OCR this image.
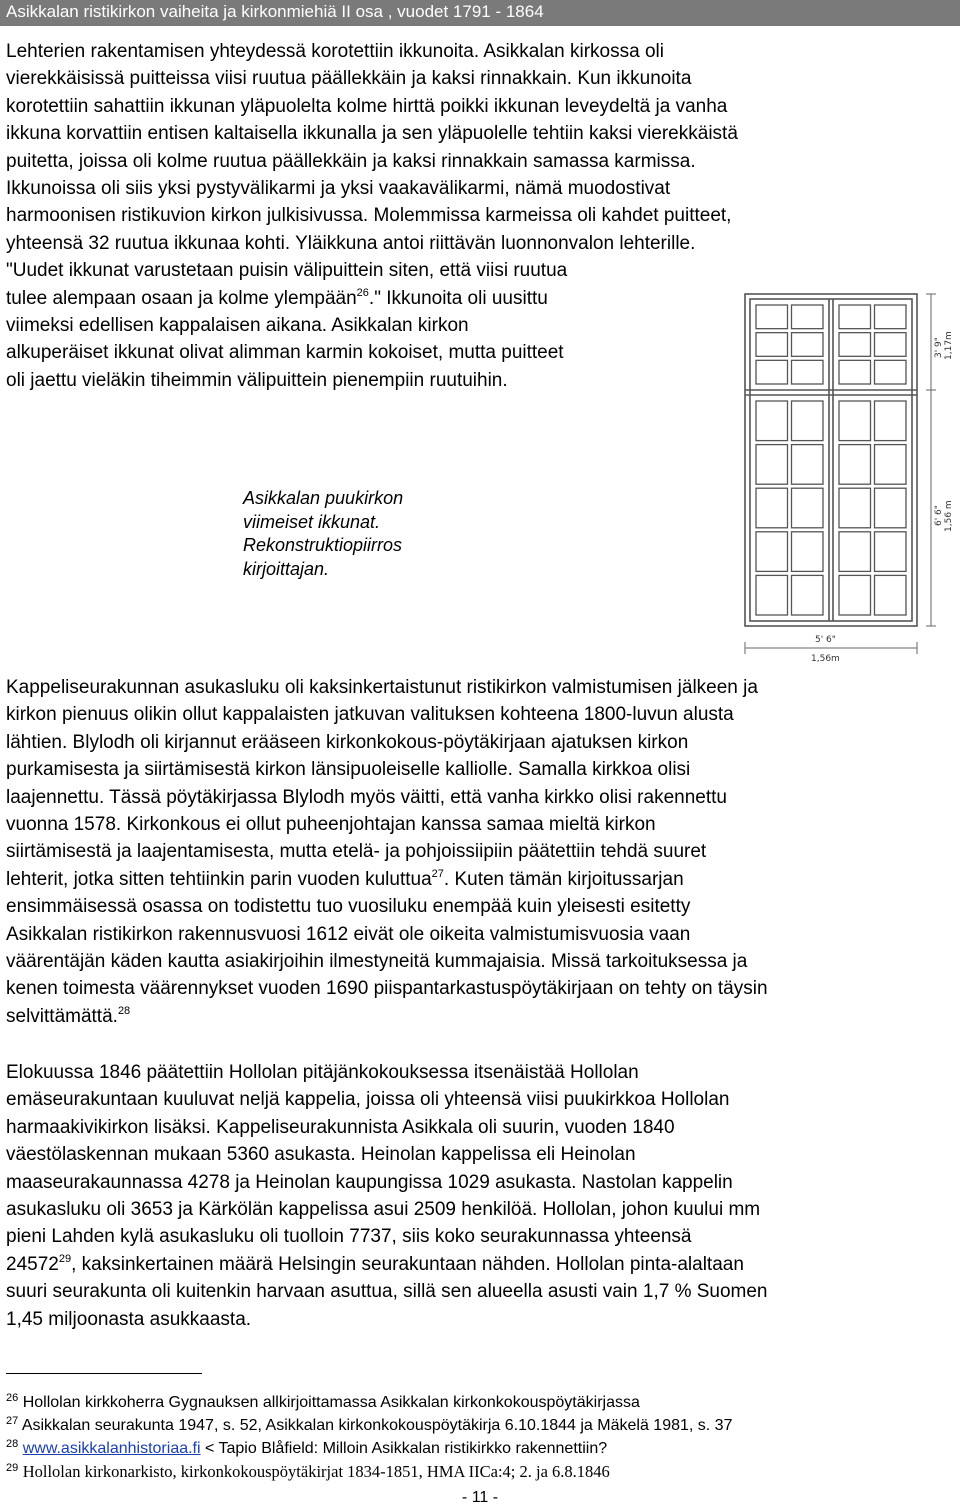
Asikkalan ristikirkon vaiheita ja kirkonmiehiä II osa , vuodet 1791 - 1864
Lehterien rakentamisen yhteydessä korotettiin ikkunoita. Asikkalan kirkossa oli
vierekkäisissä puitteissa viisi ruutua päällekkäin ja kaksi rinnakkain. Kun ikkunoita
korotettiin sahattiin ikkunan yläpuolelta kolme hirttä poikki ikkunan leveydeltä ja vanha
ikkuna korvattiin entisen kaltaisella ikkunalla ja sen yläpuolelle tehtiin kaksi vierekkäistä
puitetta, joissa oli kolme ruutua päällekkäin ja kaksi rinnakkain samassa karmissa.
Ikkunoissa oli siis yksi pystyvälikarmi ja yksi vaakavälikarmi, nämä muodostivat
harmoonisen ristikuvion kirkon julkisivussa. Molemmissa karmeissa oli kahdet puitteet,
yhteensä 32 ruutua ikkunaa kohti. Yläikkuna antoi riittävän luonnonvalon lehterille.
"Uudet ikkunat varustetaan puisin välipuittein siten, että viisi ruutua
tulee alempaan osaan ja kolme ylempään$^{26}$." Ikkunoita oli uusittu
viimeksi edellisen kappalaisen aikana. Asikkalan kirkon
alkuperäiset ikkunat olivat alimman karmin kokoiset, mutta puitteet
oli jaettu vieläkin tiheimmin välipuittein pienempiin ruutuihin.
Asikkalan puukirkon
viimeiset ikkunat.
Rekonstruktiopiirros
kirjoittajan.
3' 9" 1,17m
6' 6" 1,56 m
5' 6"
1,56m
Kappeliseurakunnan asukasluku oli kaksinkertaistunut ristikirkon valmistumisen jälkeen ja
kirkon pienuus olikin ollut kappalaisten jatkuvan valituksen kohteena 1800-luvun alusta
lähtien. Blylodh oli kirjannut erääseen kirkonkokous-pöytäkirjaan ajatuksen kirkon
purkamisesta ja siirtämisestä kirkon länsipuoleiselle kalliolle. Samalla kirkkoa olisi
laajennettu. Tässä pöytäkirjassa Blylodh myös väitti, että vanha kirkko olisi rakennettu
vuonna 1578. Kirkonkous ei ollut puheenjohtajan kanssa samaa mieltä kirkon
siirtämisestä ja laajentamisesta, mutta etelä- ja pohjoissiipiin päätettiin tehdä suuret
lehterit, jotka sitten tehtiinkin parin vuoden kuluttua$^{27}$. Kuten tämän kirjoitussarjan
ensimmäisessä osassa on todistettu tuo vuosiluku enempää kuin yleisesti esitetty
Asikkalan ristikirkon rakennusvuosi 1612 eivät ole oikeita valmistumisvuosia vaan
väärentäjän käden kautta asiakirjoihin ilmestyneitä kummajaisia. Missä tarkoituksessa ja
kenen toimesta väärennykset vuoden 1690 piispantarkastuspöytäkirjaan on tehty on täysin
selvittämättä.$^{28}$
Elokuussa 1846 päätettiin Hollolan pitäjänkokouksessa itsenäistää Hollolan
emäseurakuntaan kuuluvat neljä kappelia, joissa oli yhteensä viisi puukirkkoa Hollolan
harmaakivikirkon lisäksi. Kappeliseurakunnista Asikkala oli suurin, vuoden 1840
väestölaskennan mukaan 5360 asukasta. Heinolan kappelissa eli Heinolan
maaseurakaunnassa 4278 ja Heinolan kaupungissa 1029 asukasta. Nastolan kappelin
asukasluku oli 3653 ja Kärkölän kappelissa asui 2509 henkilöä. Hollolan, johon kuului mm
pieni Lahden kylä asukasluku oli tuolloin 7737, siis koko seurakunnassa yhteensä
24572$^{29}$, kaksinkertainen määrä Helsingin seurakuntaan nähden. Hollolan pinta-alaltaan
suuri seurakunta oli kuitenkin harvaan asuttua, sillä sen alueella asusti vain 1,7 % Suomen
1,45 miljoonasta asukkaasta.
$^{26}$ Hollolan kirkkoherra Gygnauksen allkirjoittamassa Asikkalan kirkonkokouspöytäkirjassa
$^{27}$ Asikkalan seurakunta 1947, s. 52, Asikkalan kirkonkokouspöytäkirja 6.10.1844 ja Mäkelä 1981, s. 37
$^{28}$ www.asikkalanhistoriaa.fi < Tapio Blåfield: Milloin Asikkalan ristikirkko rakennettiin?
$^{29}$ Hollolan kirkonarkisto, kirkonkokouspöytäkirjat 1834-1851, HMA IICa:4; 2. ja 6.8.1846
- 11 -
